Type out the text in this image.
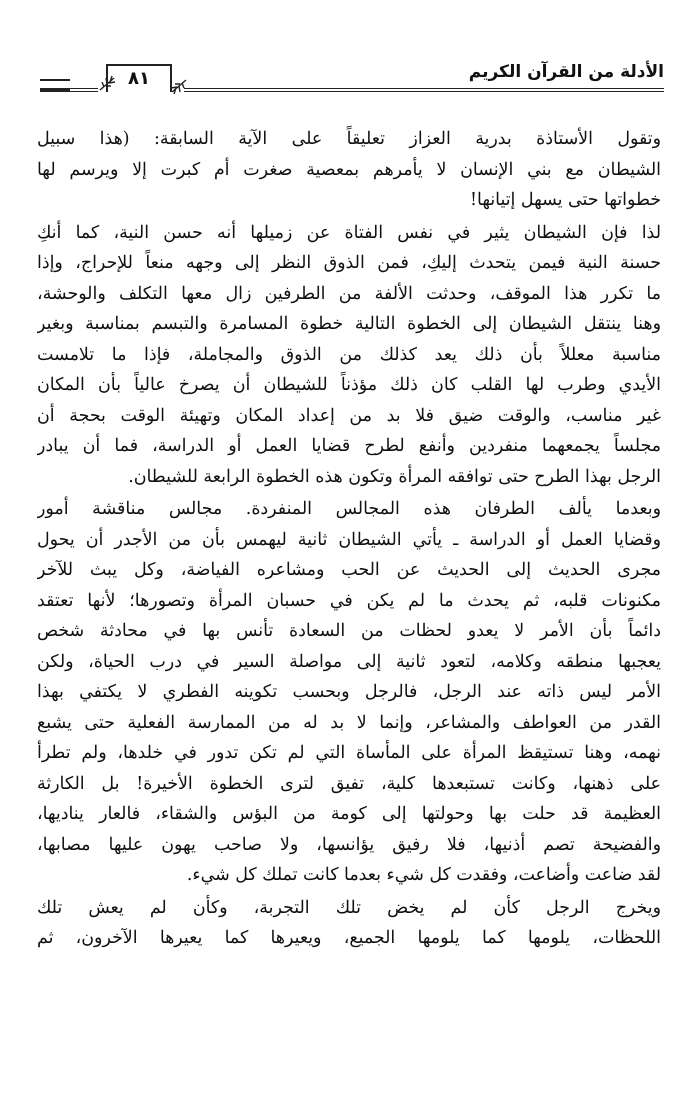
الأدلة من القرآن الكريم
٨١
وتقول الأستاذة بدرية العزاز تعليقاً على الآية السابقة: (هذا سبيل
الشيطان مع بني الإنسان لا يأمرهم بمعصية صغرت أم كبرت إلا ويرسم لها
خطواتها حتى يسهل إتيانها!
لذا فإن الشيطان يثير في نفس الفتاة عن زميلها أنه حسن النية، كما أنكِ
حسنة النية فيمن يتحدث إليكِ، فمن الذوق النظر إلى وجهه منعاً للإحراج، وإذا
ما تكرر هذا الموقف، وحدثت الألفة من الطرفين زال معها التكلف والوحشة،
وهنا ينتقل الشيطان إلى الخطوة التالية خطوة المسامرة والتبسم بمناسبة وبغير
مناسبة معللاً بأن ذلك يعد كذلك من الذوق والمجاملة، فإذا ما تلامست
الأيدي وطرب لها القلب كان ذلك مؤذناً للشيطان أن يصرخ عالياً بأن المكان
غير مناسب، والوقت ضيق فلا بد من إعداد المكان وتهيئة الوقت بحجة أن
مجلساً يجمعهما منفردين وأنفع لطرح قضايا العمل أو الدراسة، فما أن يبادر
الرجل بهذا الطرح حتى توافقه المرأة وتكون هذه الخطوة الرابعة للشيطان.
وبعدما يألف الطرفان هذه المجالس المنفردة. مجالس مناقشة أمور
وقضايا العمل أو الدراسة ـ يأتي الشيطان ثانية ليهمس بأن من الأجدر أن يحول
مجرى الحديث إلى الحديث عن الحب ومشاعره الفياضة، وكل يبث للآخر
مكنونات قلبه، ثم يحدث ما لم يكن في حسبان المرأة وتصورها؛ لأنها تعتقد
دائماً بأن الأمر لا يعدو لحظات من السعادة تأنس بها في محادثة شخص
يعجبها منطقه وكلامه، لتعود ثانية إلى مواصلة السير في درب الحياة، ولكن
الأمر ليس ذاته عند الرجل، فالرجل وبحسب تكوينه الفطري لا يكتفي بهذا
القدر من العواطف والمشاعر، وإنما لا بد له من الممارسة الفعلية حتى يشبع
نهمه، وهنا تستيقظ المرأة على المأساة التي لم تكن تدور في خلدها، ولم تطرأ
على ذهنها، وكانت تستبعدها كلية، تفيق لترى الخطوة الأخيرة! بل الكارثة
العظيمة قد حلت بها وحولتها إلى كومة من البؤس والشقاء، فالعار يناديها،
والفضيحة تصم أذنيها، فلا رفيق يؤانسها، ولا صاحب يهون عليها مصابها،
لقد ضاعت وأضاعت، وفقدت كل شيء بعدما كانت تملك كل شيء.
ويخرج الرجل كأن لم يخض تلك التجربة، وكأن لم يعش تلك
اللحظات، يلومها كما يلومها الجميع، ويعيرها كما يعيرها الآخرون، ثم
